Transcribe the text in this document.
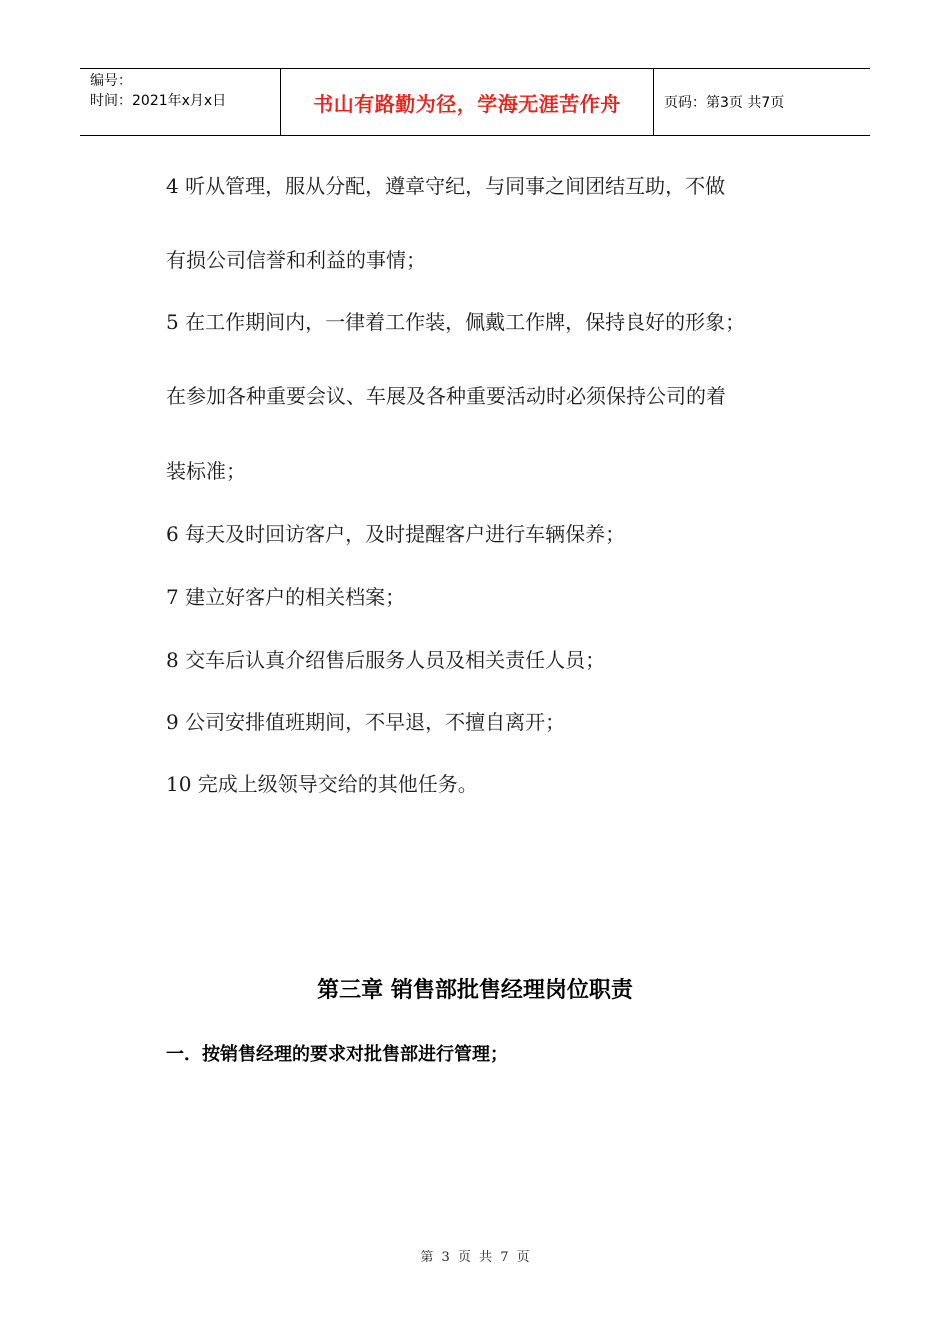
编号：
时间：2021年x月x日	书山有路勤为径，学海无涯苦作舟	页码：第3页 共7页
4 听从管理，服从分配，遵章守纪，与同事之间团结互助，不做
有损公司信誉和利益的事情；
5 在工作期间内，一律着工作装，佩戴工作牌，保持良好的形象；
在参加各种重要会议、车展及各种重要活动时必须保持公司的着
装标准；
6 每天及时回访客户，及时提醒客户进行车辆保养；
7 建立好客户的相关档案；
8 交车后认真介绍售后服务人员及相关责任人员；
9 公司安排值班期间，不早退，不擅自离开；
10 完成上级领导交给的其他任务。
第三章 销售部批售经理岗位职责
一．按销售经理的要求对批售部进行管理；
第 3 页 共 7 页
